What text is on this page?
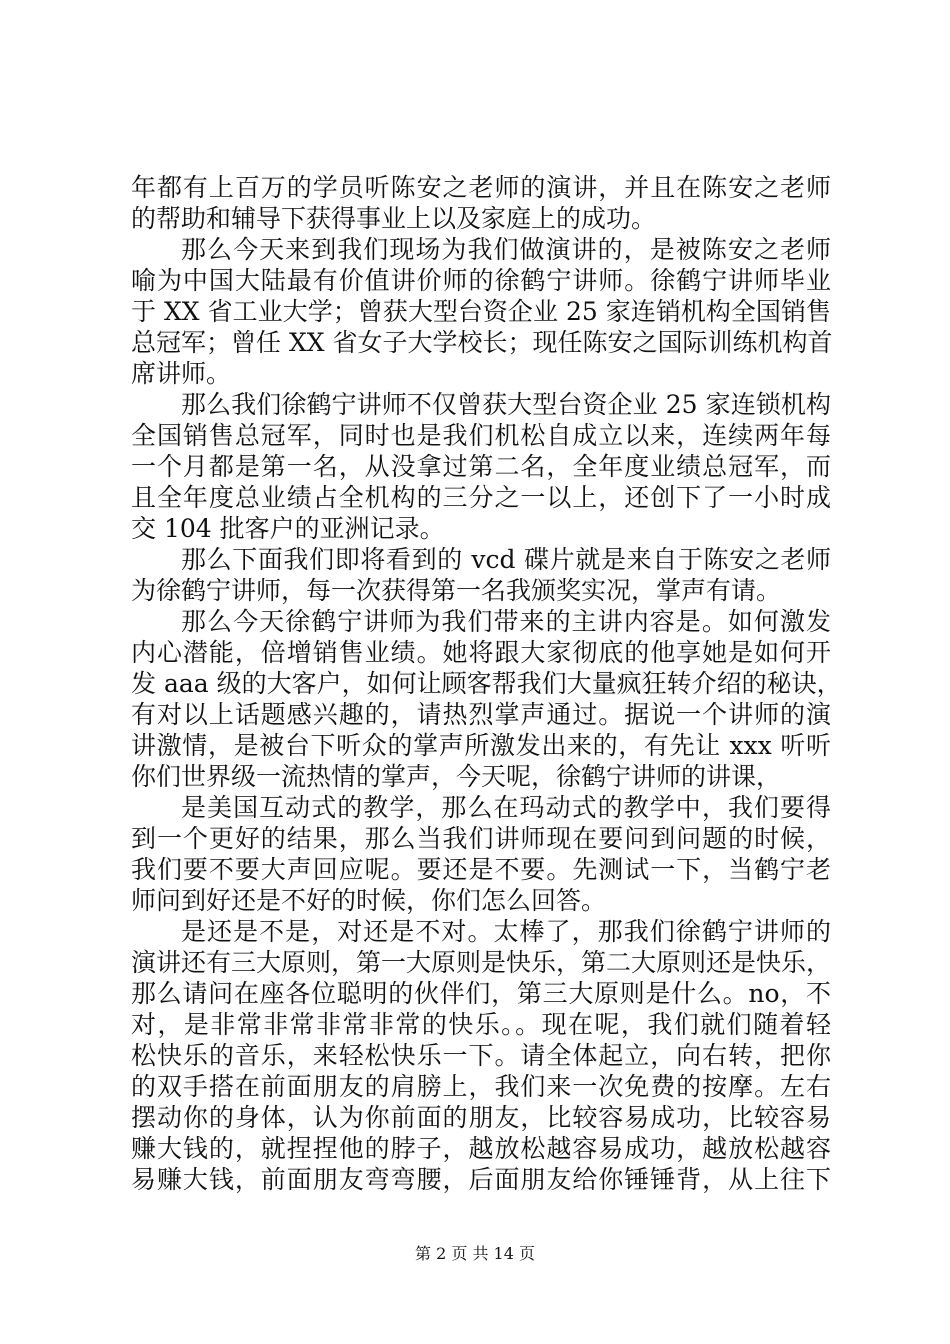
年都有上百万的学员听陈安之老师的演讲，并且在陈安之老师
的帮助和辅导下获得事业上以及家庭上的成功。
那么今天来到我们现场为我们做演讲的，是被陈安之老师
喻为中国大陆最有价值讲价师的徐鹤宁讲师。徐鹤宁讲师毕业
于 XX 省工业大学；曾获大型台资企业 25 家连销机构全国销售
总冠军；曾任 XX 省女子大学校长；现任陈安之国际训练机构首
席讲师。
那么我们徐鹤宁讲师不仅曾获大型台资企业 25 家连锁机构
全国销售总冠军，同时也是我们机松自成立以来，连续两年每
一个月都是第一名，从没拿过第二名，全年度业绩总冠军，而
且全年度总业绩占全机构的三分之一以上，还创下了一小时成
交 104 批客户的亚洲记录。
那么下面我们即将看到的 vcd 碟片就是来自于陈安之老师
为徐鹤宁讲师，每一次获得第一名我颁奖实况，掌声有请。
那么今天徐鹤宁讲师为我们带来的主讲内容是。如何激发
内心潜能，倍增销售业绩。她将跟大家彻底的他享她是如何开
发 aaa 级的大客户，如何让顾客帮我们大量疯狂转介绍的秘诀，
有对以上话题感兴趣的，请热烈掌声通过。据说一个讲师的演
讲激情，是被台下听众的掌声所激发出来的，有先让 xxx 听听
你们世界级一流热情的掌声，今天呢，徐鹤宁讲师的讲课，
是美国互动式的教学，那么在玛动式的教学中，我们要得
到一个更好的结果，那么当我们讲师现在要问到问题的时候，
我们要不要大声回应呢。要还是不要。先测试一下，当鹤宁老
师问到好还是不好的时候，你们怎么回答。
是还是不是，对还是不对。太棒了，那我们徐鹤宁讲师的
演讲还有三大原则，第一大原则是快乐，第二大原则还是快乐，
那么请问在座各位聪明的伙伴们，第三大原则是什么。no，不
对，是非常非常非常非常的快乐。。现在呢，我们就们随着轻
松快乐的音乐，来轻松快乐一下。请全体起立，向右转，把你
的双手搭在前面朋友的肩膀上，我们来一次免费的按摩。左右
摆动你的身体，认为你前面的朋友，比较容易成功，比较容易
赚大钱的，就捏捏他的脖子，越放松越容易成功，越放松越容
易赚大钱，前面朋友弯弯腰，后面朋友给你锤锤背，从上往下
第 2 页 共 14 页
